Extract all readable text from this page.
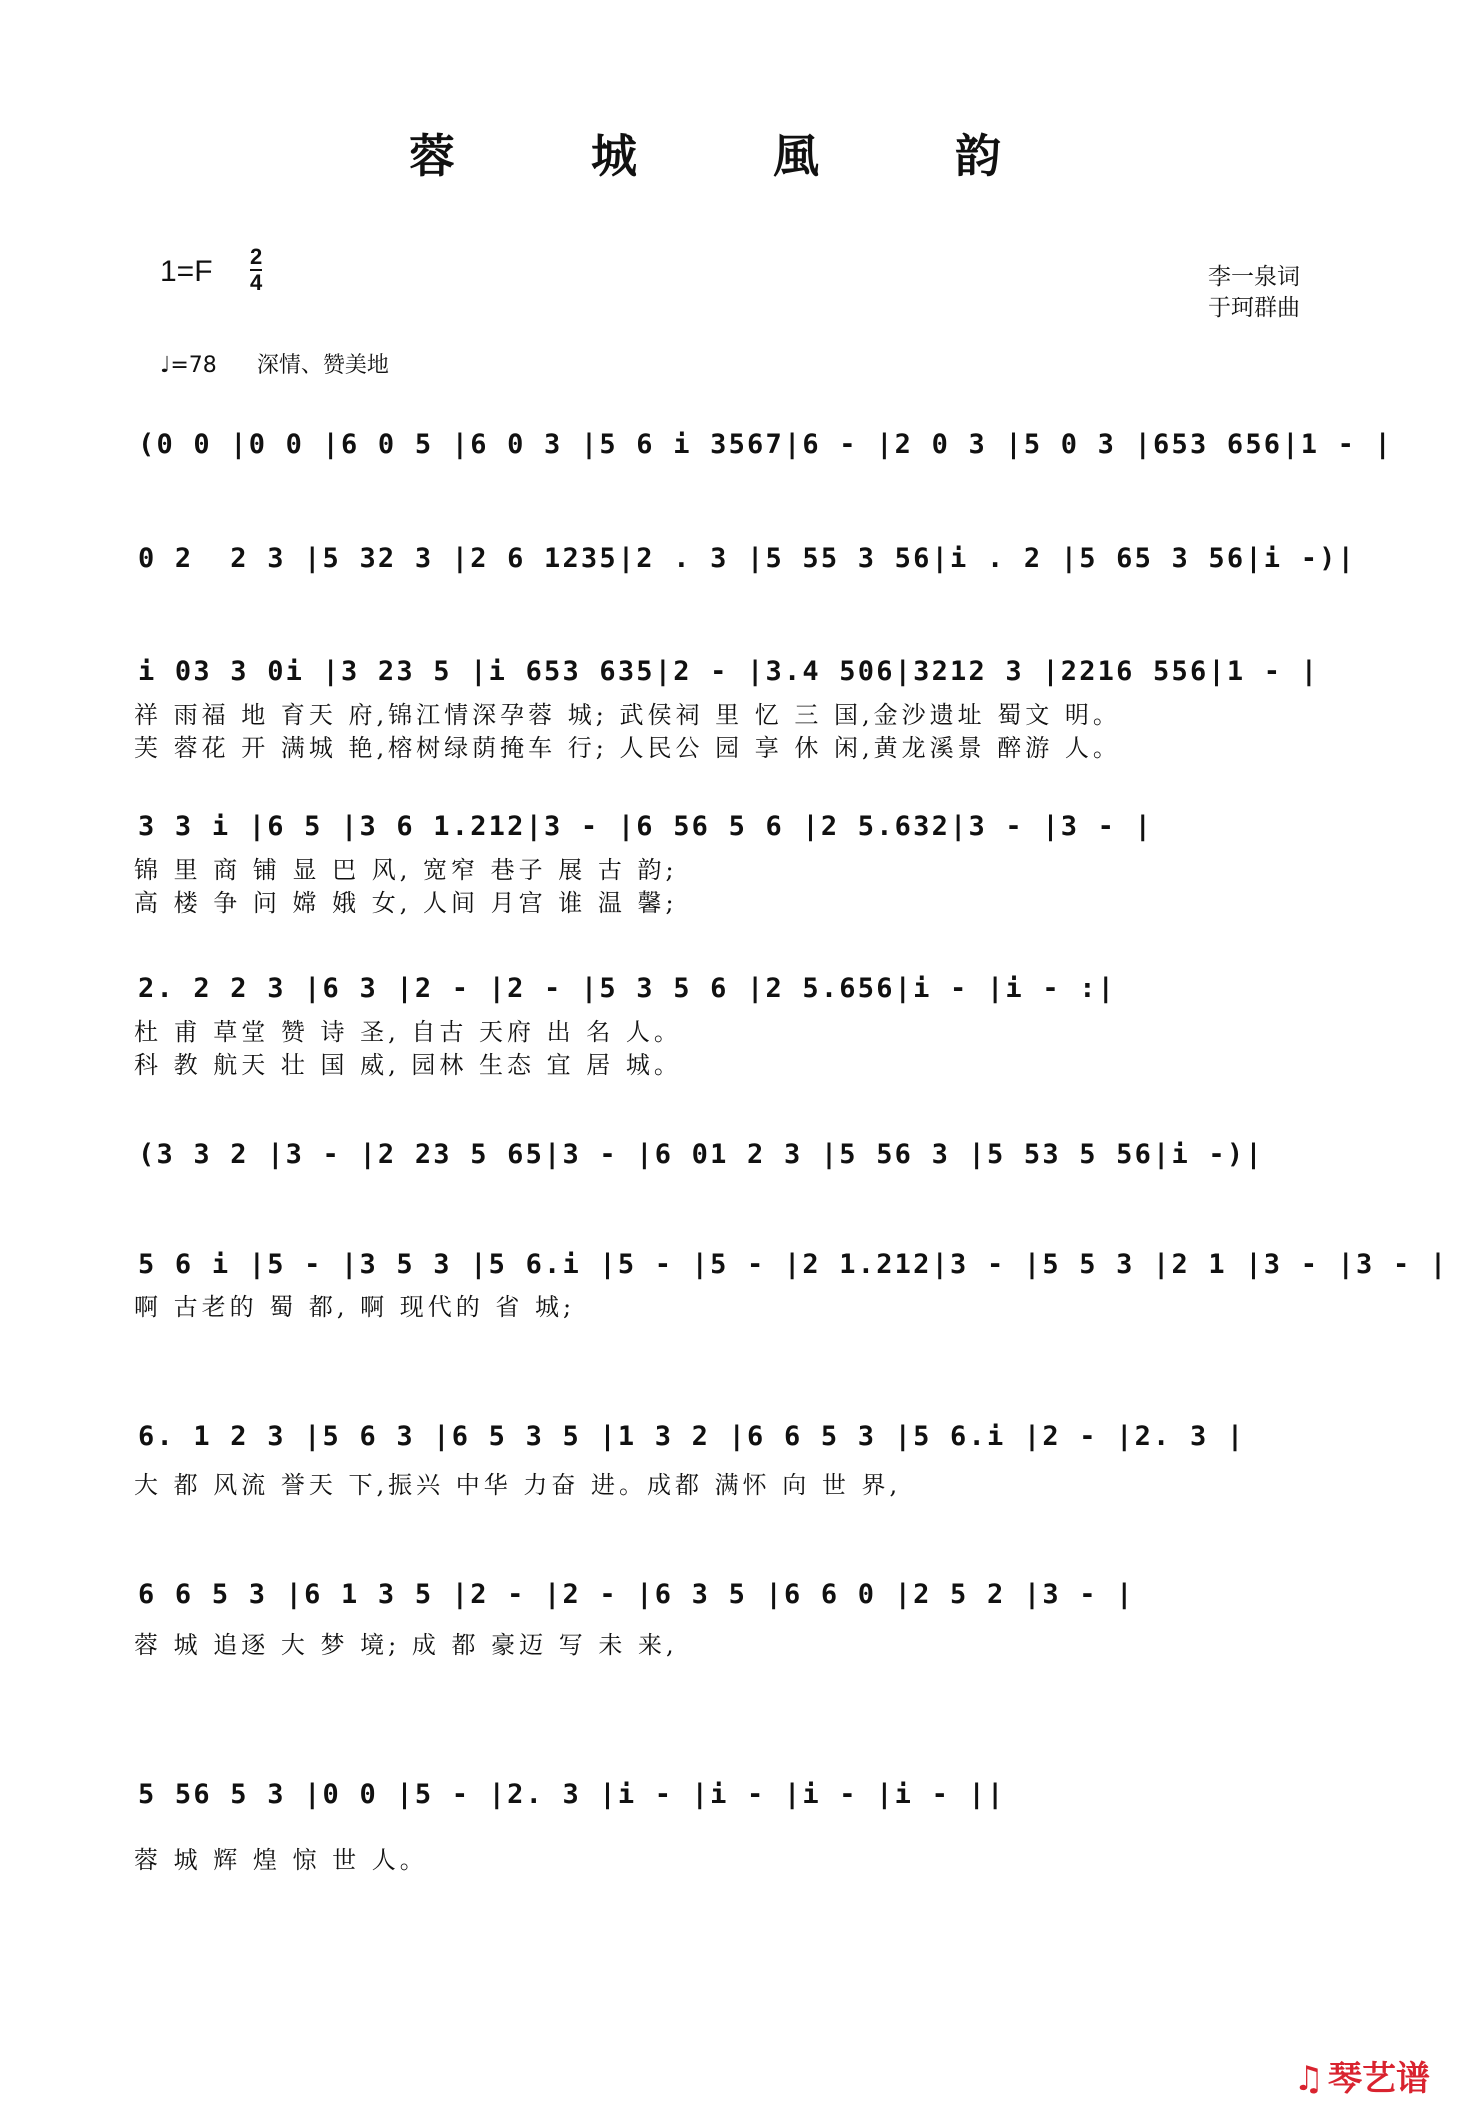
蓉 城 風 韵
1=F 2
4	李一泉词
于珂群曲
♩=78 深情、赞美地
(0 0 |0 0 |6 0 5 |6 0 3 |5 6 i 3567|6 - |2 0 3 |5 0 3 |653 656|1 - |
0 2  2 3 |5 32 3 |2 6 1235|2 . 3 |5 55 3 56|i . 2 |5 65 3 56|i -)|
i 03 3 0i |3 23 5 |i 653 635|2 - |3.4 506|3212 3 |2216 556|1 - |
祥 雨福 地 育天 府,锦江情深孕蓉 城; 武侯祠 里 忆 三 国,金沙遗址 蜀文 明。
芙 蓉花 开 满城 艳,榕树绿荫掩车 行; 人民公 园 享 休 闲,黄龙溪景 醉游 人。
3 3 i |6 5 |3 6 1.212|3 - |6 56 5 6 |2 5.632|3 - |3 - |
锦 里 商 铺 显 巴 风, 宽窄 巷子 展 古 韵;
高 楼 争 问 嫦 娥 女, 人间 月宫 谁 温 馨;
2. 2 2 3 |6 3 |2 - |2 - |5 3 5 6 |2 5.656|i - |i - :|
杜 甫 草堂 赞 诗 圣, 自古 天府 出 名 人。
科 教 航天 壮 国 威, 园林 生态 宜 居 城。
(3 3 2 |3 - |2 23 5 65|3 - |6 01 2 3 |5 56 3 |5 53 5 56|i -)|
5 6 i |5 - |3 5 3 |5 6.i |5 - |5 - |2 1.212|3 - |5 5 3 |2 1 |3 - |3 - |
啊 古老的 蜀 都, 啊 现代的 省 城;
6. 1 2 3 |5 6 3 |6 5 3 5 |1 3 2 |6 6 5 3 |5 6.i |2 - |2. 3 |
大 都 风流 誉天 下,振兴 中华 力奋 进。成都 满怀 向 世 界,
6 6 5 3 |6 1 3 5 |2 - |2 - |6 3 5 |6 6 0 |2 5 2 |3 - |
蓉 城 追逐 大 梦 境; 成 都 豪迈 写 未 来,
5 56 5 3 |0 0 |5 - |2. 3 |i - |i - |i - |i - ||
蓉 城 辉 煌 惊 世 人。
♫ 琴艺谱
